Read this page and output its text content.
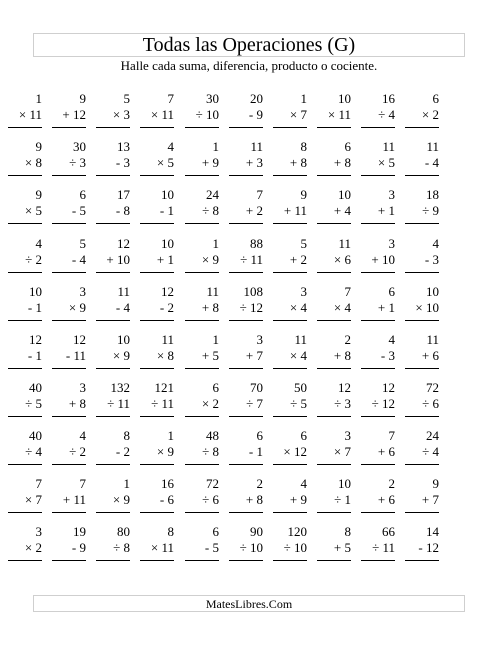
Todas las Operaciones (G)
Halle cada suma, diferencia, producto o cociente.
1
× 11
9
+ 12
5
× 3
7
× 11
30
÷ 10
20
- 9
1
× 7
10
× 11
16
÷ 4
6
× 2
9
× 8
30
÷ 3
13
- 3
4
× 5
1
+ 9
11
+ 3
8
+ 8
6
+ 8
11
× 5
11
- 4
9
× 5
6
- 5
17
- 8
10
- 1
24
÷ 8
7
+ 2
9
+ 11
10
+ 4
3
+ 1
18
÷ 9
4
÷ 2
5
- 4
12
+ 10
10
+ 1
1
× 9
88
÷ 11
5
+ 2
11
× 6
3
+ 10
4
- 3
10
- 1
3
× 9
11
- 4
12
- 2
11
+ 8
108
÷ 12
3
× 4
7
× 4
6
+ 1
10
× 10
12
- 1
12
- 11
10
× 9
11
× 8
1
+ 5
3
+ 7
11
× 4
2
+ 8
4
- 3
11
+ 6
40
÷ 5
3
+ 8
132
÷ 11
121
÷ 11
6
× 2
70
÷ 7
50
÷ 5
12
÷ 3
12
÷ 12
72
÷ 6
40
÷ 4
4
÷ 2
8
- 2
1
× 9
48
÷ 8
6
- 1
6
× 12
3
× 7
7
+ 6
24
÷ 4
7
× 7
7
+ 11
1
× 9
16
- 6
72
÷ 6
2
+ 8
4
+ 9
10
÷ 1
2
+ 6
9
+ 7
3
× 2
19
- 9
80
÷ 8
8
× 11
6
- 5
90
÷ 10
120
÷ 10
8
+ 5
66
÷ 11
14
- 12
MatesLibres.Com
